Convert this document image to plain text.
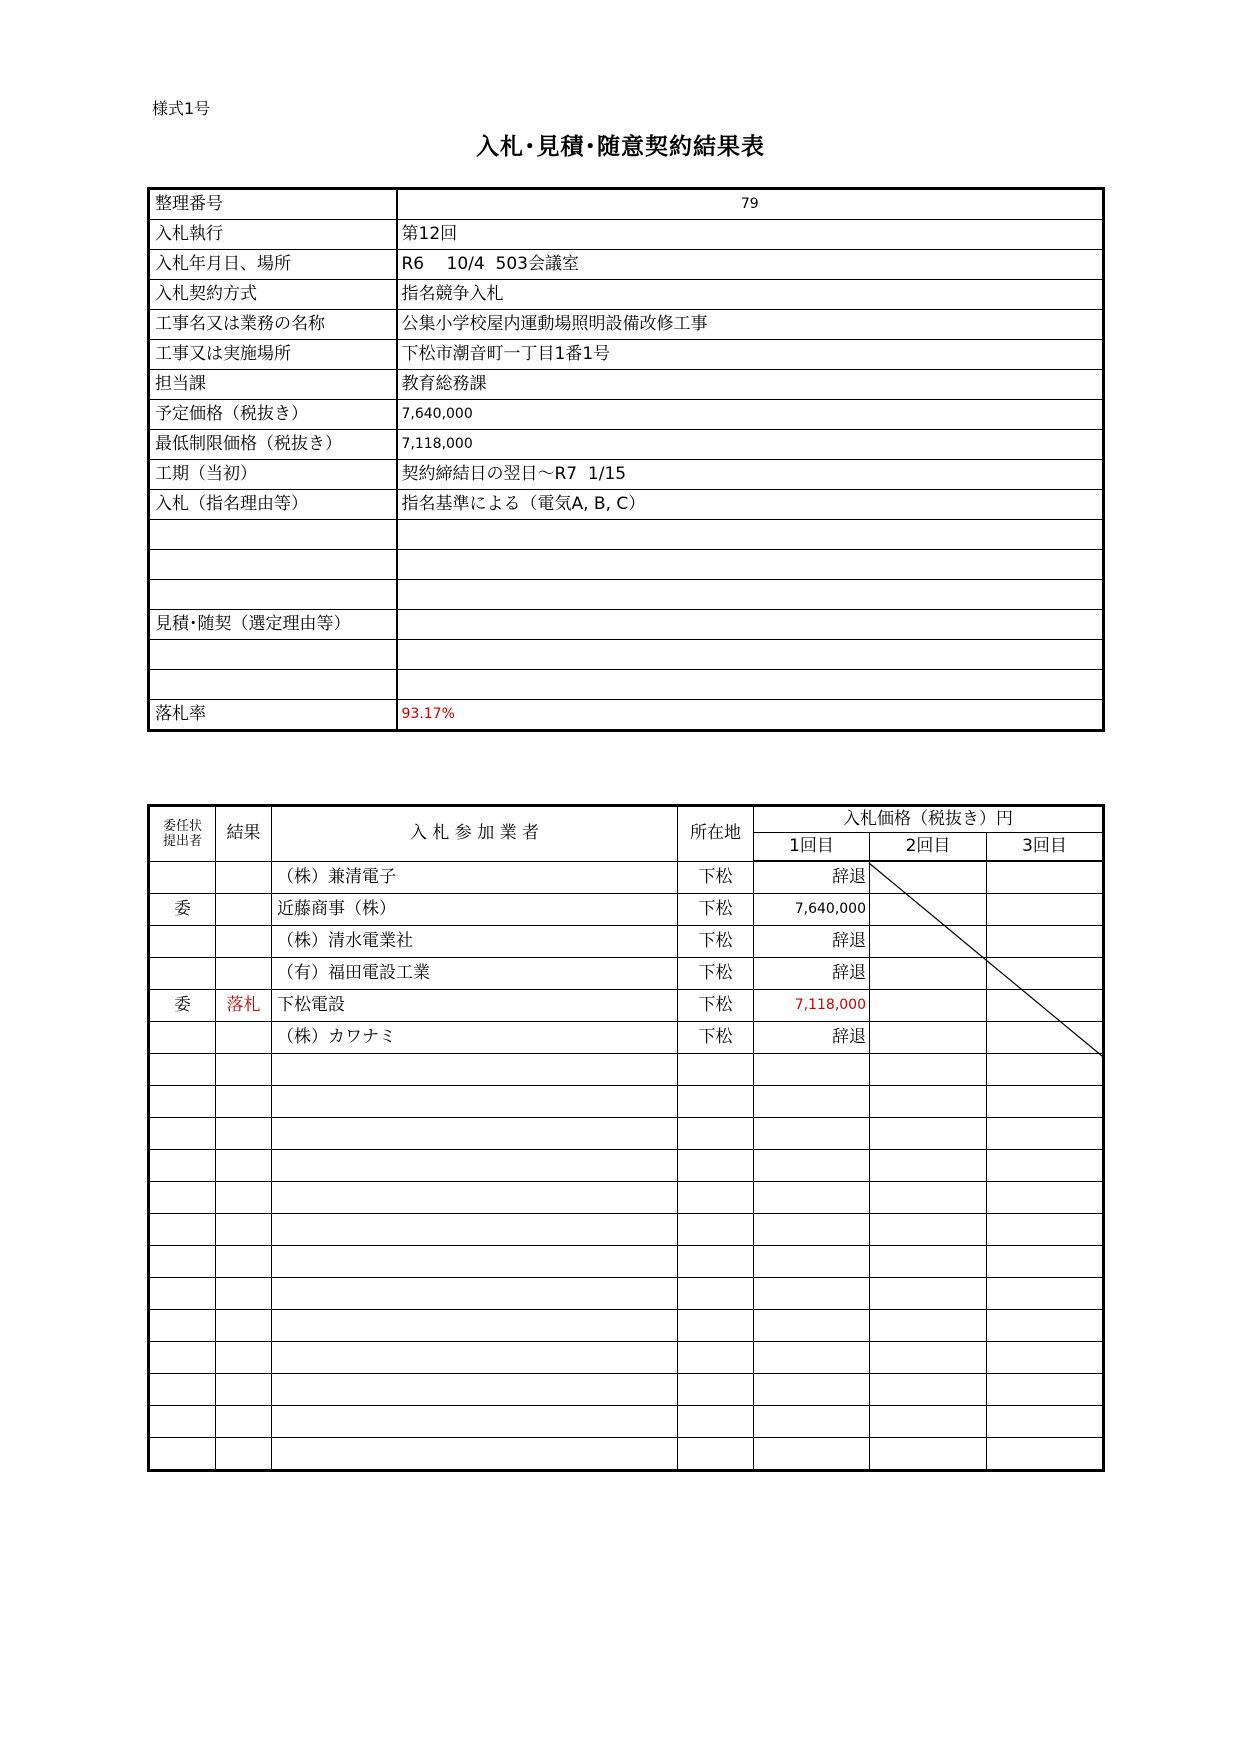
様式1号
入札･見積･随意契約結果表
整理番号	79
入札執行	第12回
入札年月日、場所	R6　 10/4  503会議室
入札契約方式	指名競争入札
工事名又は業務の名称	公集小学校屋内運動場照明設備改修工事
工事又は実施場所	下松市潮音町一丁目1番1号
担当課	教育総務課
予定価格（税抜き）	7,640,000
最低制限価格（税抜き）	7,118,000
工期（当初）	契約締結日の翌日～R7  1/15
入札（指名理由等）	指名基準による（電気A, B, C）

見積･随契（選定理由等）	

落札率	93.17%
委任状
提出者	結果	入 札 参 加 業 者	所在地	入札価格（税抜き）円		
				1回目	2回目	3回目
		（株）兼清電子	下松	辞退		
委		近藤商事（株）	下松	7,640,000		
		（株）清水電業社	下松	辞退		
		（有）福田電設工業	下松	辞退		
委	落札	下松電設	下松	7,118,000		
		（株）カワナミ	下松	辞退		
